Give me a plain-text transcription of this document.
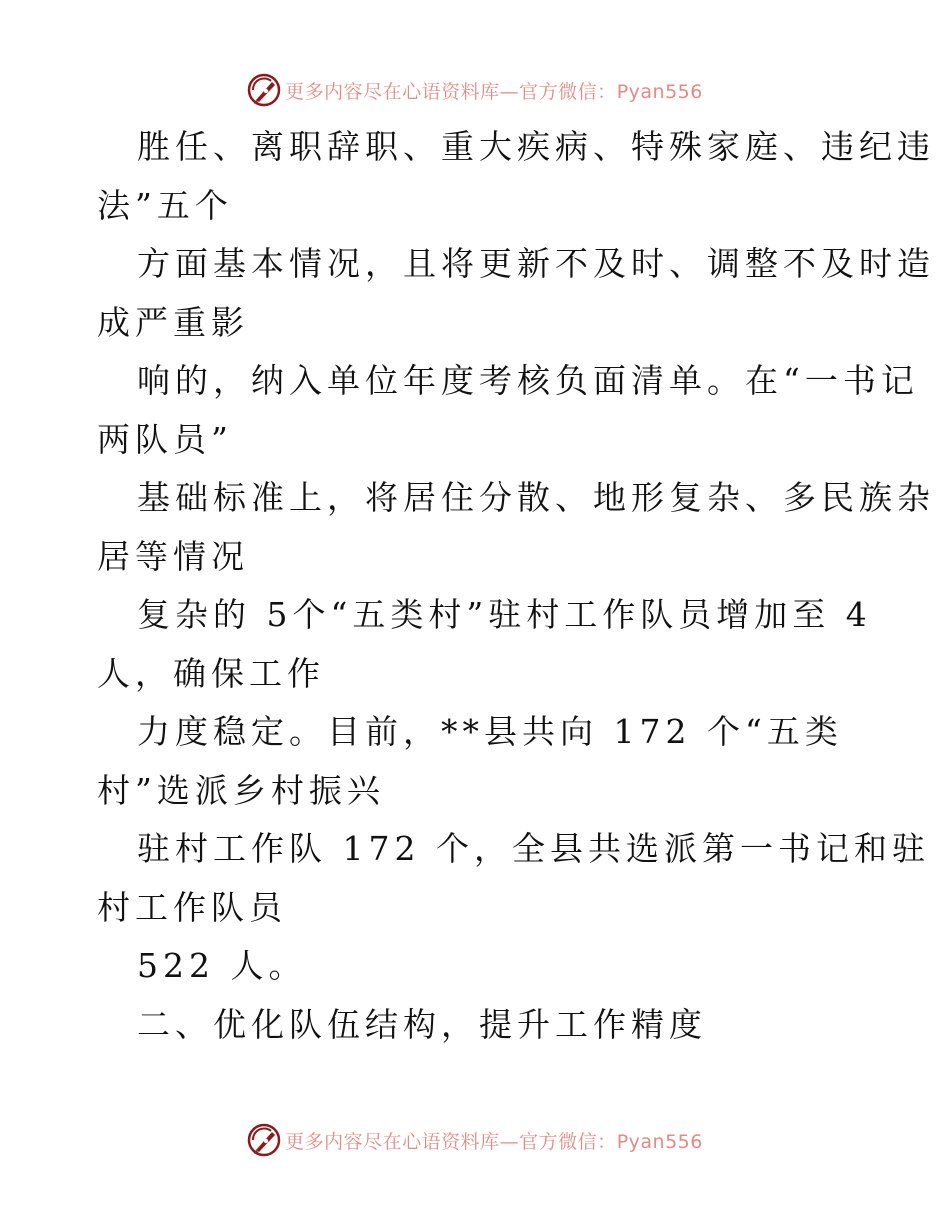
更多内容尽在心语资料库—官方微信：Pyan556
胜任、离职辞职、重大疾病、特殊家庭、违纪违
法”五个
方面基本情况，且将更新不及时、调整不及时造
成严重影
响的，纳入单位年度考核负面清单。在“一书记
两队员”
基础标准上，将居住分散、地形复杂、多民族杂
居等情况
复杂的 5个“五类村”驻村工作队员增加至 4
人，确保工作
力度稳定。目前，**县共向 172 个“五类
村”选派乡村振兴
驻村工作队 172 个，全县共选派第一书记和驻
村工作队员
522 人。
二、优化队伍结构，提升工作精度
更多内容尽在心语资料库—官方微信：Pyan556
